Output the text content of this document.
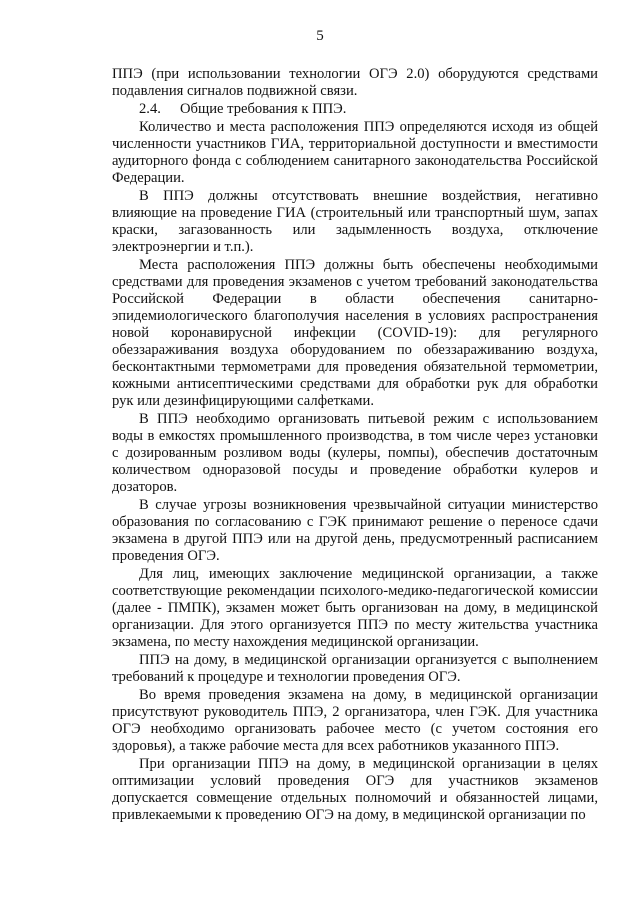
5

ППЭ (при использовании технологии ОГЭ 2.0) оборудуются средствами подавления сигналов подвижной связи.

2.4. Общие требования к ППЭ.

Количество и места расположения ППЭ определяются исходя из общей численности участников ГИА, территориальной доступности и вместимости аудиторного фонда с соблюдением санитарного законодательства Российской Федерации.

В ППЭ должны отсутствовать внешние воздействия, негативно влияющие на проведение ГИА (строительный или транспортный шум, запах краски, загазованность или задымленность воздуха, отключение электроэнергии и т.п.).

Места расположения ППЭ должны быть обеспечены необходимыми средствами для проведения экзаменов с учетом требований законодательства Российской Федерации в области обеспечения санитарно-эпидемиологического благополучия населения в условиях распространения новой коронавирусной инфекции (COVID-19): для регулярного обеззараживания воздуха оборудованием по обеззараживанию воздуха, бесконтактными термометрами для проведения обязательной термометрии, кожными антисептическими средствами для обработки рук для обработки рук или дезинфицирующими салфетками.

В ППЭ необходимо организовать питьевой режим с использованием воды в емкостях промышленного производства, в том числе через установки с дозированным розливом воды (кулеры, помпы), обеспечив достаточным количеством одноразовой посуды и проведение обработки кулеров и дозаторов.

В случае угрозы возникновения чрезвычайной ситуации министерство образования по согласованию с ГЭК принимают решение о переносе сдачи экзамена в другой ППЭ или на другой день, предусмотренный расписанием проведения ОГЭ.

Для лиц, имеющих заключение медицинской организации, а также соответствующие рекомендации психолого-медико-педагогической комиссии (далее - ПМПК), экзамен может быть организован на дому, в медицинской организации. Для этого организуется ППЭ по месту жительства участника экзамена, по месту нахождения медицинской организации.

ППЭ на дому, в медицинской организации организуется с выполнением требований к процедуре и технологии проведения ОГЭ.

Во время проведения экзамена на дому, в медицинской организации присутствуют руководитель ППЭ, 2 организатора, член ГЭК. Для участника ОГЭ необходимо организовать рабочее место (с учетом состояния его здоровья), а также рабочие места для всех работников указанного ППЭ.

При организации ППЭ на дому, в медицинской организации в целях оптимизации условий проведения ОГЭ для участников экзаменов допускается совмещение отдельных полномочий и обязанностей лицами, привлекаемыми к проведению ОГЭ на дому, в медицинской организации по
